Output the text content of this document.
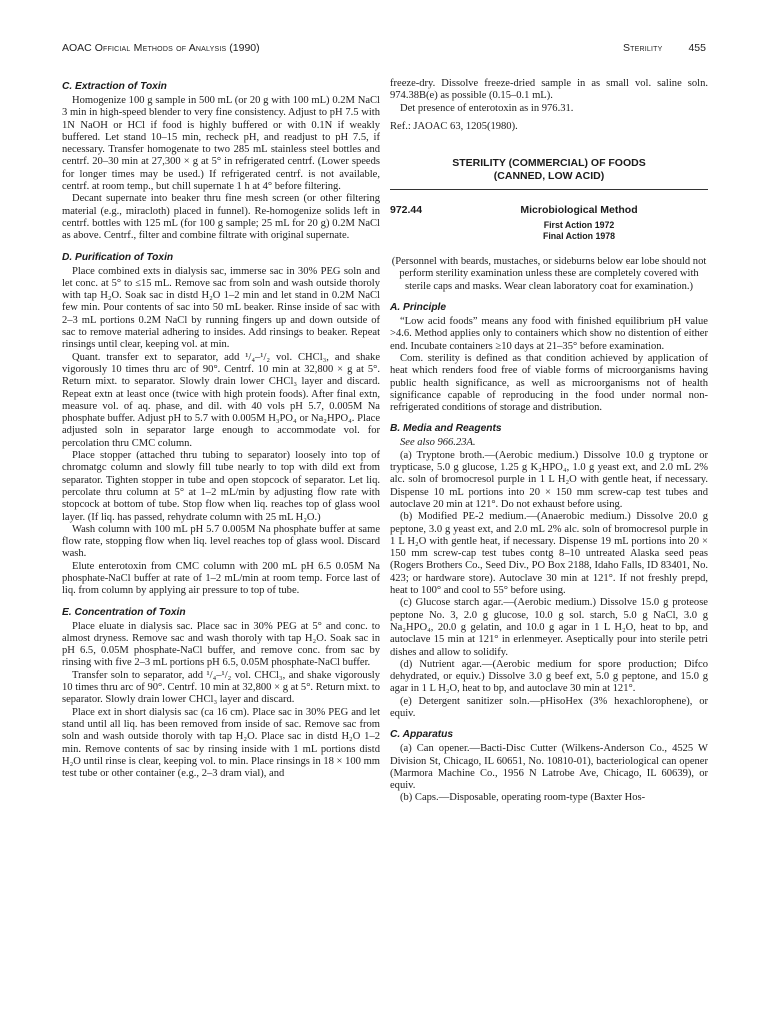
AOAC Official Methods of Analysis (1990)	Sterility 455
C. Extraction of Toxin

Homogenize 100 g sample in 500 mL (or 20 g with 100 mL) 0.2M NaCl 3 min in high-speed blender to very fine consistency. Adjust to pH 7.5 with 1N NaOH or HCl if food is highly buffered or with 0.1N if weakly buffered. Let stand 10–15 min, recheck pH, and readjust to pH 7.5, if necessary. Transfer homogenate to two 285 mL stainless steel bottles and centrf. 20–30 min at 27,300 × g at 5° in refrigerated centrf. (Lower speeds for longer times may be used.) If refrigerated centrf. is not available, centrf. at room temp., but chill supernate 1 h at 4° before filtering.

Decant supernate into beaker thru fine mesh screen (or other filtering material (e.g., miracloth) placed in funnel). Re-homogenize solids left in centrf. bottles with 125 mL (for 100 g sample; 25 mL for 20 g) 0.2M NaCl as above. Centrf., filter and combine filtrate with original supernate.

D. Purification of Toxin

Place combined exts in dialysis sac, immerse sac in 30% PEG soln and let conc. at 5° to ≤15 mL. Remove sac from soln and wash outside thoroly with tap H₂O. Soak sac in distd H₂O 1–2 min and let stand in 0.2M NaCl few min. Pour contents of sac into 50 mL beaker. Rinse inside of sac with 2–3 mL portions 0.2M NaCl by running fingers up and down outside of sac to remove material adhering to insides. Add rinsings to beaker. Repeat rinsings until clear, keeping vol. at min.

Quant. transfer ext to separator, add ¹/₄–¹/₂ vol. CHCl₃, and shake vigorously 10 times thru arc of 90°. Centrf. 10 min at 32,800 × g at 5°. Return mixt. to separator. Slowly drain lower CHCl₃ layer and discard. Repeat extn at least once (twice with high protein foods). After final extn, measure vol. of aq. phase, and dil. with 40 vols pH 5.7, 0.005M Na phosphate buffer. Adjust pH to 5.7 with 0.005M H₃PO₄ or Na₂HPO₄. Place adjusted soln in separator large enough to accommodate vol. for percolation thru CMC column.

Place stopper (attached thru tubing to separator) loosely into top of chromatgc column and slowly fill tube nearly to top with dild ext from separator. Tighten stopper in tube and open stopcock of separator. Let liq. percolate thru column at 5° at 1–2 mL/min by adjusting flow rate with stopcock at bottom of tube. Stop flow when liq. reaches top of glass wool layer. (If liq. has passed, rehydrate column with 25 mL H₂O.)

Wash column with 100 mL pH 5.7 0.005M Na phosphate buffer at same flow rate, stopping flow when liq. level reaches top of glass wool. Discard wash.

Elute enterotoxin from CMC column with 200 mL pH 6.5 0.05M Na phosphate-NaCl buffer at rate of 1–2 mL/min at room temp. Force last of liq. from column by applying air pressure to top of tube.

E. Concentration of Toxin

Place eluate in dialysis sac. Place sac in 30% PEG at 5° and conc. to almost dryness. Remove sac and wash thoroly with tap H₂O. Soak sac in pH 6.5, 0.05M phosphate-NaCl buffer, and remove conc. from sac by rinsing with five 2–3 mL portions pH 6.5, 0.05M phosphate-NaCl buffer.

Transfer soln to separator, add ¹/₄–¹/₂ vol. CHCl₃, and shake vigorously 10 times thru arc of 90°. Centrf. 10 min at 32,800 × g at 5°. Return mixt. to separator. Slowly drain lower CHCl₃ layer and discard.

Place ext in short dialysis sac (ca 16 cm). Place sac in 30% PEG and let stand until all liq. has been removed from inside of sac. Remove sac from soln and wash outside thoroly with tap H₂O. Place sac in distd H₂O 1–2 min. Remove contents of sac by rinsing inside with 1 mL portions distd H₂O until rinse is clear, keeping vol. to min. Place rinsings in 18 × 100 mm test tube or other container (e.g., 2–3 dram vial), and

freeze-dry. Dissolve freeze-dried sample in as small vol. saline soln. 974.38B(e) as possible (0.15–0.1 mL).

Det presence of enterotoxin as in 976.31.

Ref.: JAOAC 63, 1205(1980).

STERILITY (COMMERCIAL) OF FOODS
(CANNED, LOW ACID)
972.44	Microbiological Method
First Action 1972
Final Action 1978
(Personnel with beards, mustaches, or sideburns below ear lobe should not perform sterility examination unless these are completely covered with sterile caps and masks. Wear clean laboratory coat for examination.)
A. Principle

“Low acid foods” means any food with finished equilibrium pH value >4.6. Method applies only to containers which show no distention of either end. Incubate containers ≥10 days at 21–35° before examination.

Com. sterility is defined as that condition achieved by application of heat which renders food free of viable forms of microorganisms having public health significance, as well as microorganisms not of health significance capable of reproducing in the food under normal non-refrigerated conditions of storage and distribution.

B. Media and Reagents

See also 966.23A.

(a) Tryptone broth.—(Aerobic medium.) Dissolve 10.0 g tryptone or trypticase, 5.0 g glucose, 1.25 g K₂HPO₄, 1.0 g yeast ext, and 2.0 mL 2% alc. soln of bromocresol purple in 1 L H₂O with gentle heat, if necessary. Dispense 10 mL portions into 20 × 150 mm screw-cap test tubes and autoclave 20 min at 121°. Do not exhaust before using.

(b) Modified PE-2 medium.—(Anaerobic medium.) Dissolve 20.0 g peptone, 3.0 g yeast ext, and 2.0 mL 2% alc. soln of bromocresol purple in 1 L H₂O with gentle heat, if necessary. Dispense 19 mL portions into 20 × 150 mm screw-cap test tubes contg 8–10 untreated Alaska seed peas (Rogers Brothers Co., Seed Div., PO Box 2188, Idaho Falls, ID 83401, No. 423; or hardware store). Autoclave 30 min at 121°. If not freshly prepd, heat to 100° and cool to 55° before using.

(c) Glucose starch agar.—(Aerobic medium.) Dissolve 15.0 g proteose peptone No. 3, 2.0 g glucose, 10.0 g sol. starch, 5.0 g NaCl, 3.0 g Na₂HPO₄, 20.0 g gelatin, and 10.0 g agar in 1 L H₂O, heat to bp, and autoclave 15 min at 121° in erlenmeyer. Aseptically pour into sterile petri dishes and allow to solidify.

(d) Nutrient agar.—(Aerobic medium for spore production; Difco dehydrated, or equiv.) Dissolve 3.0 g beef ext, 5.0 g peptone, and 15.0 g agar in 1 L H₂O, heat to bp, and autoclave 30 min at 121°.

(e) Detergent sanitizer soln.—pHisoHex (3% hexachlorophene), or equiv.

C. Apparatus

(a) Can opener.—Bacti-Disc Cutter (Wilkens-Anderson Co., 4525 W Division St, Chicago, IL 60651, No. 10810-01), bacteriological can opener (Marmora Machine Co., 1956 N Latrobe Ave, Chicago, IL 60639), or equiv.

(b) Caps.—Disposable, operating room-type (Baxter Hos-
